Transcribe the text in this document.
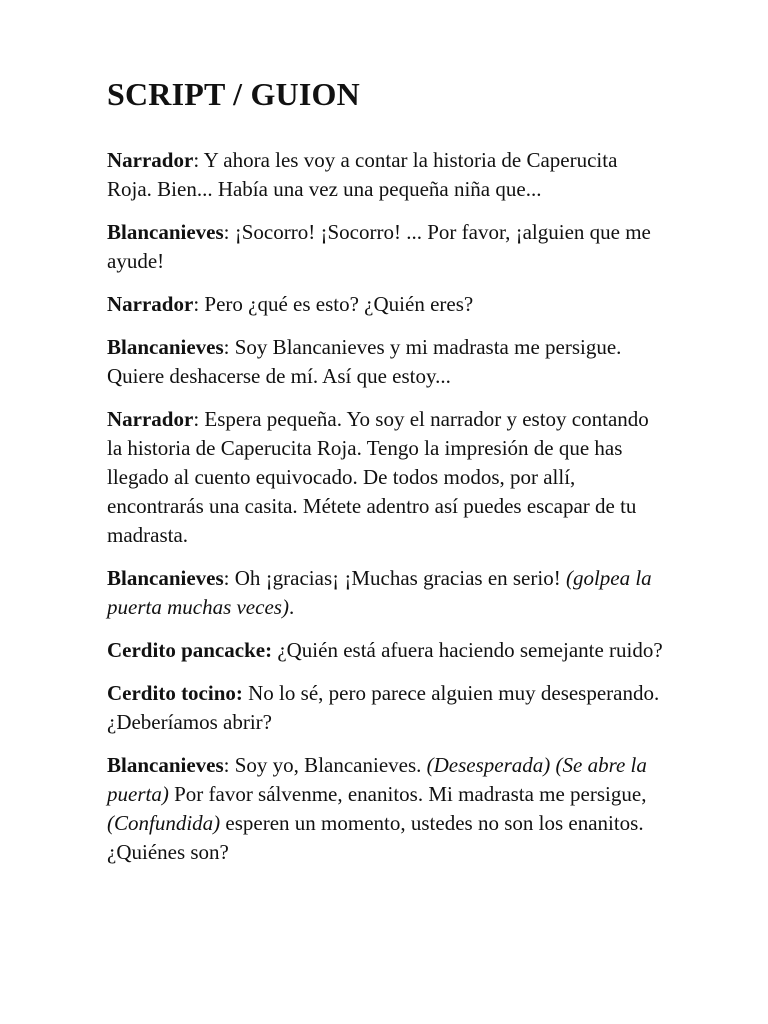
SCRIPT / GUION

Narrador: Y ahora les voy a contar la historia de Caperucita Roja. Bien... Había una vez una pequeña niña que...

Blancanieves: ¡Socorro! ¡Socorro! ... Por favor, ¡alguien que me ayude!

Narrador: Pero ¿qué es esto? ¿Quién eres?

Blancanieves: Soy Blancanieves y mi madrasta me persigue. Quiere deshacerse de mí. Así que estoy...

Narrador: Espera pequeña. Yo soy el narrador y estoy contando la historia de Caperucita Roja. Tengo la impresión de que has llegado al cuento equivocado. De todos modos, por allí, encontrarás una casita. Métete adentro así puedes escapar de tu madrasta.

Blancanieves: Oh ¡gracias¡ ¡Muchas gracias en serio! (golpea la puerta muchas veces).

Cerdito pancacke: ¿Quién está afuera haciendo semejante ruido?

Cerdito tocino: No lo sé, pero parece alguien muy desesperando. ¿Deberíamos abrir?

Blancanieves: Soy yo, Blancanieves. (Desesperada) (Se abre la puerta) Por favor sálvenme, enanitos. Mi madrasta me persigue, (Confundida) esperen un momento, ustedes no son los enanitos. ¿Quiénes son?
